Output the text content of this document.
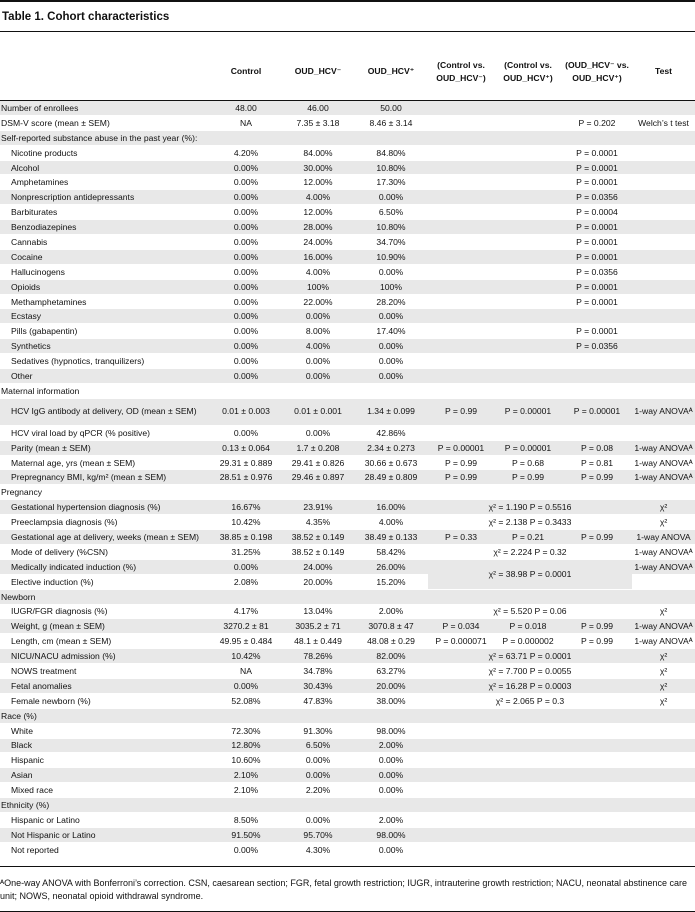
Table 1. Cohort characteristics

	Control	OUD_HCV⁻	OUD_HCV⁺	(Control vs. OUD_HCV⁻)	(Control vs. OUD_HCV⁺)	(OUD_HCV⁻ vs. OUD_HCV⁺)	Test
Number of enrollees	48.00	46.00	50.00				
DSM-V score (mean ± SEM)	NA	7.35 ± 3.18	8.46 ± 3.14			P = 0.202	Welch’s t test
Self-reported substance abuse in the past year (%):							
Nicotine products	4.20%	84.00%	84.80%			P = 0.0001	
Alcohol	0.00%	30.00%	10.80%			P = 0.0001	
Amphetamines	0.00%	12.00%	17.30%			P = 0.0001	
Nonprescription antidepressants	0.00%	4.00%	0.00%			P = 0.0356	
Barbiturates	0.00%	12.00%	6.50%			P = 0.0004	
Benzodiazepines	0.00%	28.00%	10.80%			P = 0.0001	
Cannabis	0.00%	24.00%	34.70%			P = 0.0001	
Cocaine	0.00%	16.00%	10.90%			P = 0.0001	
Hallucinogens	0.00%	4.00%	0.00%			P = 0.0356	
Opioids	0.00%	100%	100%			P = 0.0001	
Methamphetamines	0.00%	22.00%	28.20%			P = 0.0001	
Ecstasy	0.00%	0.00%	0.00%				
Pills (gabapentin)	0.00%	8.00%	17.40%			P = 0.0001	
Synthetics	0.00%	4.00%	0.00%			P = 0.0356	
Sedatives (hypnotics, tranquilizers)	0.00%	0.00%	0.00%				
Other	0.00%	0.00%	0.00%				
Maternal information							
HCV IgG antibody at delivery, OD (mean ± SEM)	0.01 ± 0.003	0.01 ± 0.001	1.34 ± 0.099	P = 0.99	P = 0.00001	P = 0.00001	1-way ANOVAᴬ
HCV viral load by qPCR (% positive)	0.00%	0.00%	42.86%				
Parity (mean ± SEM)	0.13 ± 0.064	1.7 ± 0.208	2.34 ± 0.273	P = 0.00001	P = 0.00001	P = 0.08	1-way ANOVAᴬ
Maternal age, yrs (mean ± SEM)	29.31 ± 0.889	29.41 ± 0.826	30.66 ± 0.673	P = 0.99	P = 0.68	P = 0.81	1-way ANOVAᴬ
Prepregnancy BMI, kg/m² (mean ± SEM)	28.51 ± 0.976	29.46 ± 0.897	28.49 ± 0.809	P = 0.99	P = 0.99	P = 0.99	1-way ANOVAᴬ
Pregnancy							
Gestational hypertension diagnosis (%)	16.67%	23.91%	16.00%	χ² = 1.190 P = 0.5516			χ²
Preeclampsia diagnosis (%)	10.42%	4.35%	4.00%	χ² = 2.138 P = 0.3433			χ²
Gestational age at delivery, weeks (mean ± SEM)	38.85 ± 0.198	38.52 ± 0.149	38.49 ± 0.133	P = 0.33	P = 0.21	P = 0.99	1-way ANOVA
Mode of delivery (%CSN)	31.25%	38.52 ± 0.149	58.42%	χ² = 2.224 P = 0.32			1-way ANOVAᴬ
Medically indicated induction (%)	0.00%	24.00%	26.00%	χ² = 38.98 P = 0.0001			1-way ANOVAᴬ
Elective induction (%)	2.08%	20.00%	15.20%				
Newborn							
IUGR/FGR diagnosis (%)	4.17%	13.04%	2.00%	χ² = 5.520 P = 0.06			χ²
Weight, g (mean ± SEM)	3270.2 ± 81	3035.2 ± 71	3070.8 ± 47	P = 0.034	P = 0.018	P = 0.99	1-way ANOVAᴬ
Length, cm (mean ± SEM)	49.95 ± 0.484	48.1 ± 0.449	48.08 ± 0.29	P = 0.000071	P = 0.000002	P = 0.99	1-way ANOVAᴬ
NICU/NACU admission (%)	10.42%	78.26%	82.00%	χ² = 63.71 P = 0.0001			χ²
NOWS treatment	NA	34.78%	63.27%	χ² = 7.700 P = 0.0055			χ²
Fetal anomalies	0.00%	30.43%	20.00%	χ² = 16.28 P = 0.0003			χ²
Female newborn (%)	52.08%	47.83%	38.00%	χ² = 2.065 P = 0.3			χ²
Race (%)							
White	72.30%	91.30%	98.00%				
Black	12.80%	6.50%	2.00%				
Hispanic	10.60%	0.00%	0.00%				
Asian	2.10%	0.00%	0.00%				
Mixed race	2.10%	2.20%	0.00%				
Ethnicity (%)							
Hispanic or Latino	8.50%	0.00%	2.00%				
Not Hispanic or Latino	91.50%	95.70%	98.00%				
Not reported	0.00%	4.30%	0.00%				

ᴬOne-way ANOVA with Bonferroni’s correction. CSN, caesarean section; FGR, fetal growth restriction; IUGR, intrauterine growth restriction; NACU, neonatal abstinence care unit; NOWS, neonatal opioid withdrawal syndrome.
